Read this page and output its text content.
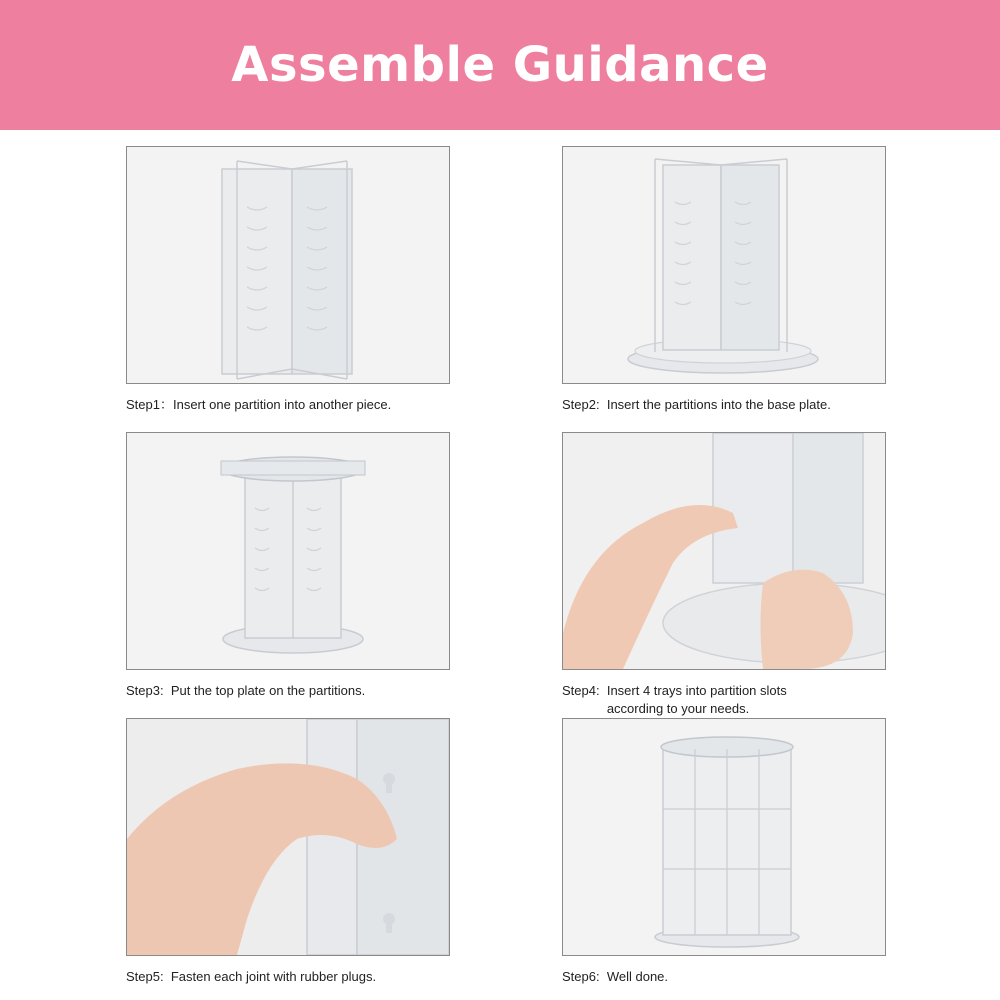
Assemble Guidance
Step1： Insert one partition into another piece.	Step2:
Insert the partitions into the base plate.
Step3:
Put the top plate on the partitions.	Step4:
Insert 4 trays into partition slots according to your needs.
Step5:
Fasten each joint with rubber plugs.	Step6:
Well done.
